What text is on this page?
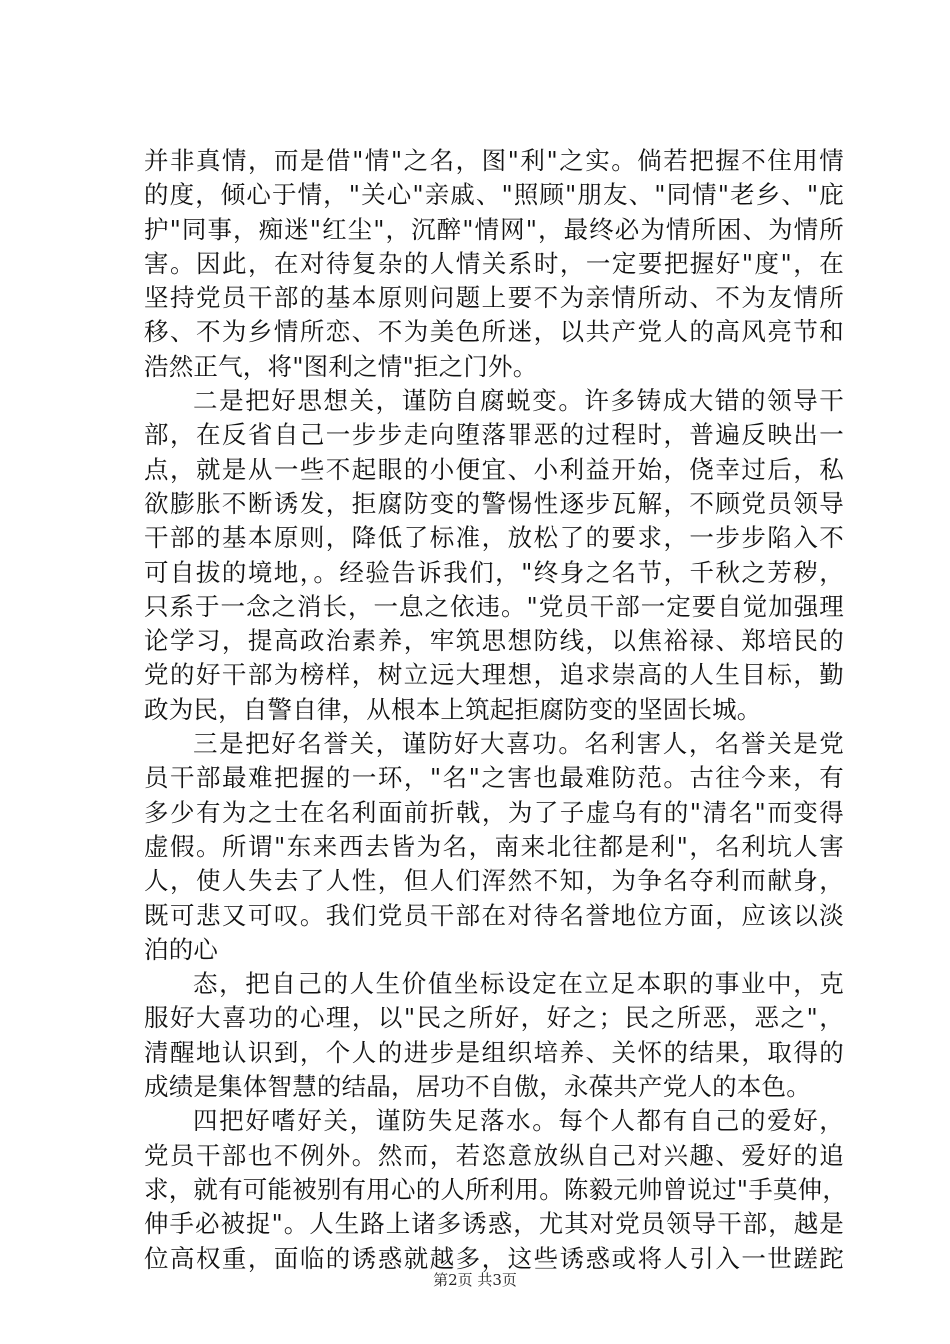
并非真情，而是借"情"之名，图"利"之实。倘若把握不住用情
的度，倾心于情，"关心"亲戚、"照顾"朋友、"同情"老乡、"庇
护"同事，痴迷"红尘"，沉醉"情网"，最终必为情所困、为情所
害。因此，在对待复杂的人情关系时，一定要把握好"度"，在
坚持党员干部的基本原则问题上要不为亲情所动、不为友情所
移、不为乡情所恋、不为美色所迷，以共产党人的高风亮节和
浩然正气，将"图利之情"拒之门外。
二是把好思想关，谨防自腐蜕变。许多铸成大错的领导干
部，在反省自己一步步走向堕落罪恶的过程时，普遍反映出一
点，就是从一些不起眼的小便宜、小利益开始，侥幸过后，私
欲膨胀不断诱发，拒腐防变的警惕性逐步瓦解，不顾党员领导
干部的基本原则，降低了标准，放松了的要求，一步步陷入不
可自拔的境地，。经验告诉我们，"终身之名节，千秋之芳秽，
只系于一念之消长，一息之依违。"党员干部一定要自觉加强理
论学习，提高政治素养，牢筑思想防线，以焦裕禄、郑培民的
党的好干部为榜样，树立远大理想，追求崇高的人生目标，勤
政为民，自警自律，从根本上筑起拒腐防变的坚固长城。
三是把好名誉关，谨防好大喜功。名利害人，名誉关是党
员干部最难把握的一环，"名"之害也最难防范。古往今来，有
多少有为之士在名利面前折戟，为了子虚乌有的"清名"而变得
虚假。所谓"东来西去皆为名，南来北往都是利"，名利坑人害
人，使人失去了人性，但人们浑然不知，为争名夺利而献身，
既可悲又可叹。我们党员干部在对待名誉地位方面，应该以淡
泊的心
态，把自己的人生价值坐标设定在立足本职的事业中，克
服好大喜功的心理，以"民之所好，好之；民之所恶，恶之"，
清醒地认识到，个人的进步是组织培养、关怀的结果，取得的
成绩是集体智慧的结晶，居功不自傲，永葆共产党人的本色。
四把好嗜好关，谨防失足落水。每个人都有自己的爱好，
党员干部也不例外。然而，若恣意放纵自己对兴趣、爱好的追
求，就有可能被别有用心的人所利用。陈毅元帅曾说过"手莫伸，
伸手必被捉"。人生路上诸多诱惑，尤其对党员领导干部，越是
位高权重，面临的诱惑就越多，这些诱惑或将人引入一世蹉跎
第2页 共3页
